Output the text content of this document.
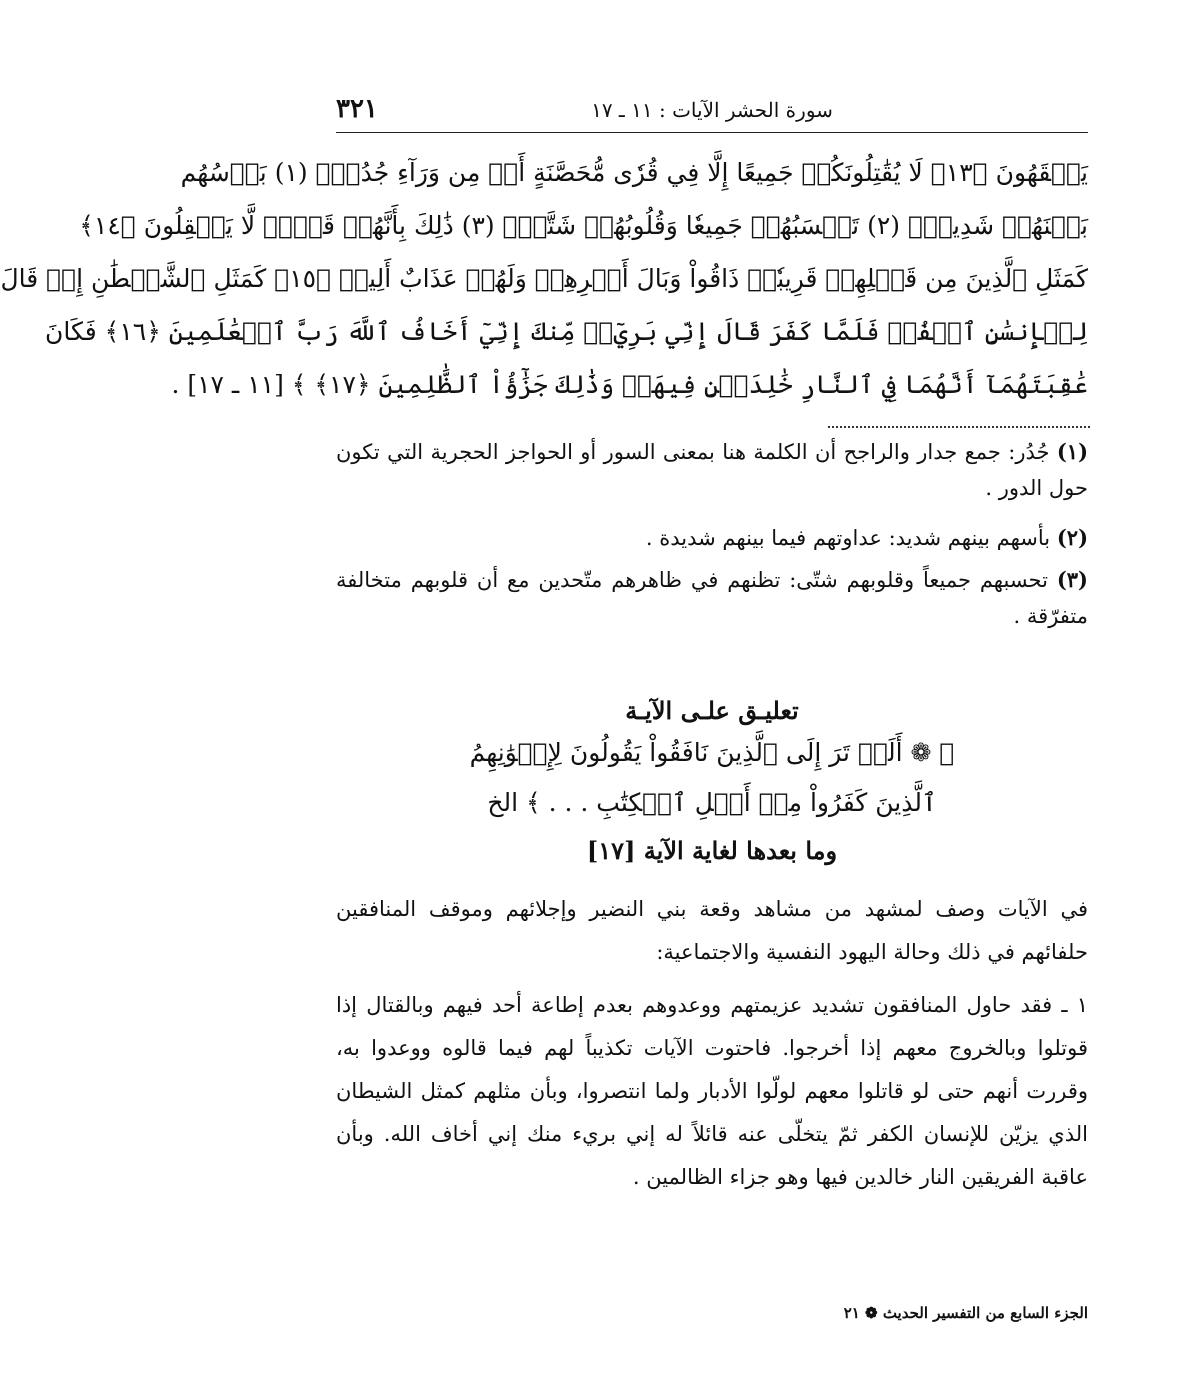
سورة الحشر الآيات : ١١ ـ ١٧
٣٢١
يَفۡقَهُونَ ﴿١٣﴾ لَا يُقَٰتِلُونَكُمۡ جَمِيعًا إِلَّا فِي قُرٗى مُّحَصَّنَةٍ أَوۡ مِن وَرَآءِ جُدُرِۢ (١) بَأۡسُهُم
بَيۡنَهُمۡ شَدِيدٞۚ (٢) تَحۡسَبُهُمۡ جَمِيعٗا وَقُلُوبُهُمۡ شَتَّىٰۚ (٣) ذَٰلِكَ بِأَنَّهُمۡ قَوۡمٞ لَّا يَعۡقِلُونَ ﴿١٤﴾
كَمَثَلِ ٱلَّذِينَ مِن قَبۡلِهِمۡ قَرِيبٗاۖ ذَاقُواْ وَبَالَ أَمۡرِهِمۡ وَلَهُمۡ عَذَابٌ أَلِيمٞ ﴿١٥﴾ كَمَثَلِ ٱلشَّيۡطَٰنِ إِذۡ قَالَ
لِلۡإِنسَٰنِ ٱكۡفُرۡ فَلَمَّا كَفَرَ قَالَ إِنِّي بَرِيٓءٞ مِّنكَ إِنِّيٓ أَخَافُ ٱللَّهَ رَبَّ ٱلۡعَٰلَمِينَ ﴿١٦﴾ فَكَانَ
عَٰقِبَتَهُمَآ أَنَّهُمَا فِي ٱلنَّارِ خَٰلِدَيۡنِ فِيهَاۚ وَذَٰلِكَ جَزَٰٓؤُاْ ٱلظَّٰلِمِينَ ﴿١٧﴾ ﴾ [١١ ـ ١٧] .
(١) جُدُر: جمع جدار والراجح أن الكلمة هنا بمعنى السور أو الحواجز الحجرية التي تكون حول الدور .
(٢) بأسهم بينهم شديد: عداوتهم فيما بينهم شديدة .
(٣) تحسبهم جميعاً وقلوبهم شتّى: تظنهم في ظاهرهم متّحدين مع أن قلوبهم متخالفة متفرّقة .
تعليـق علـى الآيـة
﴿ ❁ أَلَمۡ تَرَ إِلَى ٱلَّذِينَ نَافَقُواْ يَقُولُونَ لِإِخۡوَٰنِهِمُ
ٱلَّذِينَ كَفَرُواْ مِنۡ أَهۡلِ ٱلۡكِتَٰبِ . . . ﴾ الخ
وما بعدها لغاية الآية [١٧]
في الآيات وصف لمشهد من مشاهد وقعة بني النضير وإجلائهم وموقف المنافقين حلفائهم في ذلك وحالة اليهود النفسية والاجتماعية:
١ ـ فقد حاول المنافقون تشديد عزيمتهم ووعدوهم بعدم إطاعة أحد فيهم وبالقتال إذا قوتلوا وبالخروج معهم إذا أخرجوا. فاحتوت الآيات تكذيباً لهم فيما قالوه ووعدوا به، وقررت أنهم حتى لو قاتلوا معهم لولّوا الأدبار ولما انتصروا، وبأن مثلهم كمثل الشيطان الذي يزيّن للإنسان الكفر ثمّ يتخلّى عنه قائلاً له إني بريء منك إني أخاف الله. وبأن عاقبة الفريقين النار خالدين فيها وهو جزاء الظالمين .
الجزء السابع من التفسير الحديث ❁ ٢١
